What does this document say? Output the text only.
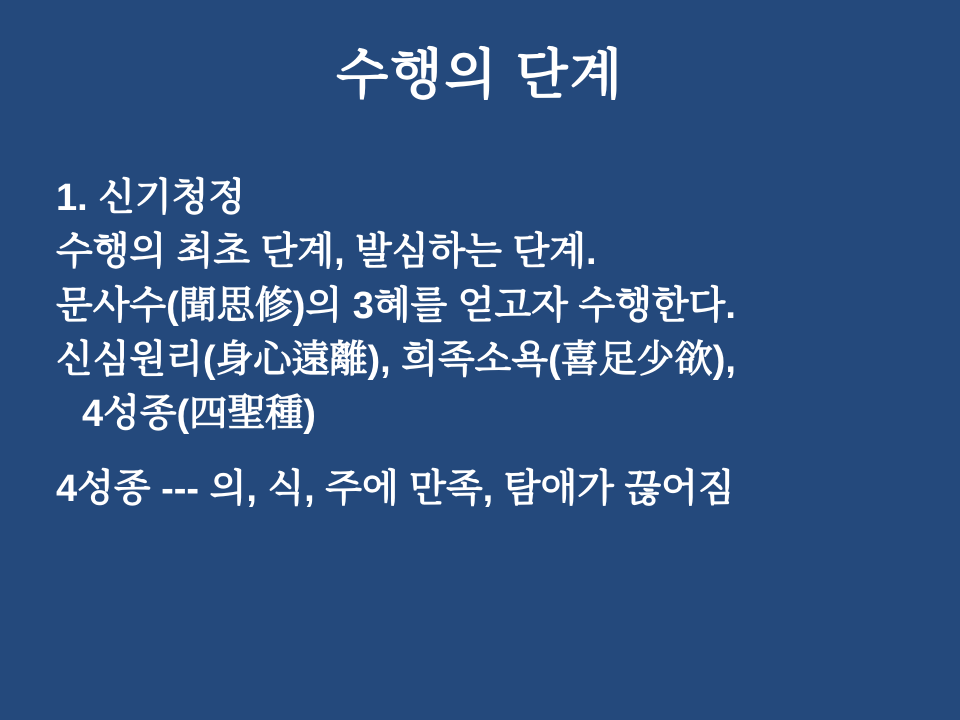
수행의 단계
1. 신기청정
수행의 최초 단계, 발심하는 단계.
문사수(聞思修)의 3혜를 얻고자 수행한다.
신심원리(身心遠離), 희족소욕(喜足少欲),
4성종(四聖種)
4성종 --- 의, 식, 주에 만족, 탐애가 끊어짐
